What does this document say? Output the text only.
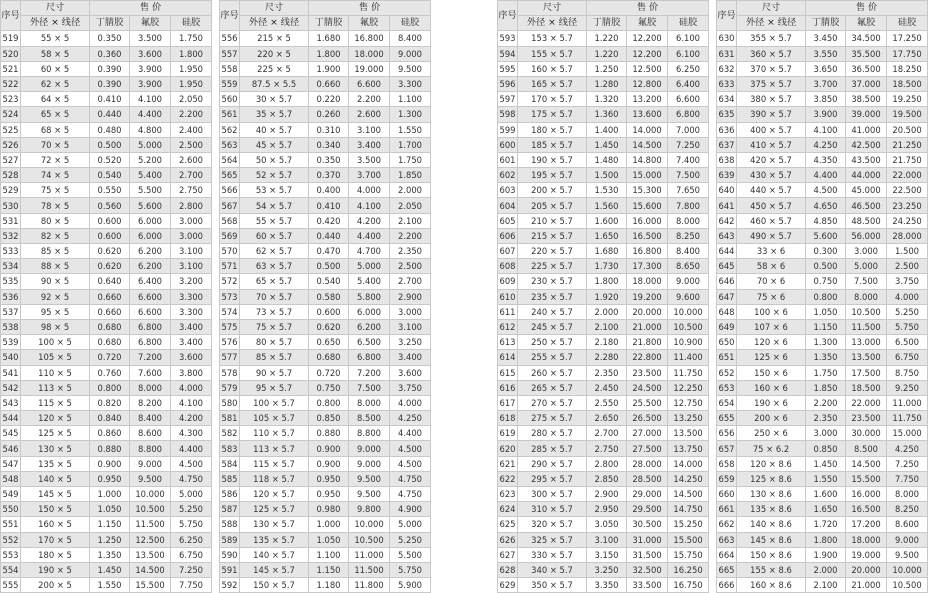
序号	尺寸	售 价		
	外径 × 线径	丁腈胶	氟胶	硅胶
519	55 × 5	0.350	3.500	1.750
520	58 × 5	0.360	3.600	1.800
521	60 × 5	0.390	3.900	1.950
522	62 × 5	0.390	3.900	1.950
523	64 × 5	0.410	4.100	2.050
524	65 × 5	0.440	4.400	2.200
525	68 × 5	0.480	4.800	2.400
526	70 × 5	0.500	5.000	2.500
527	72 × 5	0.520	5.200	2.600
528	74 × 5	0.540	5.400	2.700
529	75 × 5	0.550	5.500	2.750
530	78 × 5	0.560	5.600	2.800
531	80 × 5	0.600	6.000	3.000
532	82 × 5	0.600	6.000	3.000
533	85 × 5	0.620	6.200	3.100
534	88 × 5	0.620	6.200	3.100
535	90 × 5	0.640	6.400	3.200
536	92 × 5	0.660	6.600	3.300
537	95 × 5	0.660	6.600	3.300
538	98 × 5	0.680	6.800	3.400
539	100 × 5	0.680	6.800	3.400
540	105 × 5	0.720	7.200	3.600
541	110 × 5	0.760	7.600	3.800
542	113 × 5	0.800	8.000	4.000
543	115 × 5	0.820	8.200	4.100
544	120 × 5	0.840	8.400	4.200
545	125 × 5	0.860	8.600	4.300
546	130 × 5	0.880	8.800	4.400
547	135 × 5	0.900	9.000	4.500
548	140 × 5	0.950	9.500	4.750
549	145 × 5	1.000	10.000	5.000
550	150 × 5	1.050	10.500	5.250
551	160 × 5	1.150	11.500	5.750
552	170 × 5	1.250	12.500	6.250
553	180 × 5	1.350	13.500	6.750
554	190 × 5	1.450	14.500	7.250
555	200 × 5	1.550	15.500	7.750
序号	尺寸	售 价		
	外径 × 线径	丁腈胶	氟胶	硅胶
556	215 × 5	1.680	16.800	8.400
557	220 × 5	1.800	18.000	9.000
558	225 × 5	1.900	19.000	9.500
559	87.5 × 5.5	0.660	6.600	3.300
560	30 × 5.7	0.220	2.200	1.100
561	35 × 5.7	0.260	2.600	1.300
562	40 × 5.7	0.310	3.100	1.550
563	45 × 5.7	0.340	3.400	1.700
564	50 × 5.7	0.350	3.500	1.750
565	52 × 5.7	0.370	3.700	1.850
566	53 × 5.7	0.400	4.000	2.000
567	54 × 5.7	0.410	4.100	2.050
568	55 × 5.7	0.420	4.200	2.100
569	60 × 5.7	0.440	4.400	2.200
570	62 × 5.7	0.470	4.700	2.350
571	63 × 5.7	0.500	5.000	2.500
572	65 × 5.7	0.540	5.400	2.700
573	70 × 5.7	0.580	5.800	2.900
574	73 × 5.7	0.600	6.000	3.000
575	75 × 5.7	0.620	6.200	3.100
576	80 × 5.7	0.650	6.500	3.250
577	85 × 5.7	0.680	6.800	3.400
578	90 × 5.7	0.720	7.200	3.600
579	95 × 5.7	0.750	7.500	3.750
580	100 × 5.7	0.800	8.000	4.000
581	105 × 5.7	0.850	8.500	4.250
582	110 × 5.7	0.880	8.800	4.400
583	113 × 5.7	0.900	9.000	4.500
584	115 × 5.7	0.900	9.000	4.500
585	118 × 5.7	0.950	9.500	4.750
586	120 × 5.7	0.950	9.500	4.750
587	125 × 5.7	0.980	9.800	4.900
588	130 × 5.7	1.000	10.000	5.000
589	135 × 5.7	1.050	10.500	5.250
590	140 × 5.7	1.100	11.000	5.500
591	145 × 5.7	1.150	11.500	5.750
592	150 × 5.7	1.180	11.800	5.900
序号	尺寸	售 价		
	外径 × 线径	丁腈胶	氟胶	硅胶
593	153 × 5.7	1.220	12.200	6.100
594	155 × 5.7	1.220	12.200	6.100
595	160 × 5.7	1.250	12.500	6.250
596	165 × 5.7	1.280	12.800	6.400
597	170 × 5.7	1.320	13.200	6.600
598	175 × 5.7	1.360	13.600	6.800
599	180 × 5.7	1.400	14.000	7.000
600	185 × 5.7	1.450	14.500	7.250
601	190 × 5.7	1.480	14.800	7.400
602	195 × 5.7	1.500	15.000	7.500
603	200 × 5.7	1.530	15.300	7.650
604	205 × 5.7	1.560	15.600	7.800
605	210 × 5.7	1.600	16.000	8.000
606	215 × 5.7	1.650	16.500	8.250
607	220 × 5.7	1.680	16.800	8.400
608	225 × 5.7	1.730	17.300	8.650
609	230 × 5.7	1.800	18.000	9.000
610	235 × 5.7	1.920	19.200	9.600
611	240 × 5.7	2.000	20.000	10.000
612	245 × 5.7	2.100	21.000	10.500
613	250 × 5.7	2.180	21.800	10.900
614	255 × 5.7	2.280	22.800	11.400
615	260 × 5.7	2.350	23.500	11.750
616	265 × 5.7	2.450	24.500	12.250
617	270 × 5.7	2.550	25.500	12.750
618	275 × 5.7	2.650	26.500	13.250
619	280 × 5.7	2.700	27.000	13.500
620	285 × 5.7	2.750	27.500	13.750
621	290 × 5.7	2.800	28.000	14.000
622	295 × 5.7	2.850	28.500	14.250
623	300 × 5.7	2.900	29.000	14.500
624	310 × 5.7	2.950	29.500	14.750
625	320 × 5.7	3.050	30.500	15.250
626	325 × 5.7	3.100	31.000	15.500
627	330 × 5.7	3.150	31.500	15.750
628	340 × 5.7	3.250	32.500	16.250
629	350 × 5.7	3.350	33.500	16.750
序号	尺寸	售 价		
	外径 × 线径	丁腈胶	氟胶	硅胶
630	355 × 5.7	3.450	34.500	17.250
631	360 × 5.7	3.550	35.500	17.750
632	370 × 5.7	3.650	36.500	18.250
633	375 × 5.7	3.700	37.000	18.500
634	380 × 5.7	3.850	38.500	19.250
635	390 × 5.7	3.900	39.000	19.500
636	400 × 5.7	4.100	41.000	20.500
637	410 × 5.7	4.250	42.500	21.250
638	420 × 5.7	4.350	43.500	21.750
639	430 × 5.7	4.400	44.000	22.000
640	440 × 5.7	4.500	45.000	22.500
641	450 × 5.7	4.650	46.500	23.250
642	460 × 5.7	4.850	48.500	24.250
643	490 × 5.7	5.600	56.000	28.000
644	33 × 6	0.300	3.000	1.500
645	58 × 6	0.500	5.000	2.500
646	70 × 6	0.750	7.500	3.750
647	75 × 6	0.800	8.000	4.000
648	100 × 6	1.050	10.500	5.250
649	107 × 6	1.150	11.500	5.750
650	120 × 6	1.300	13.000	6.500
651	125 × 6	1.350	13.500	6.750
652	150 × 6	1.750	17.500	8.750
653	160 × 6	1.850	18.500	9.250
654	190 × 6	2.200	22.000	11.000
655	200 × 6	2.350	23.500	11.750
656	250 × 6	3.000	30.000	15.000
657	75 × 6.2	0.850	8.500	4.250
658	120 × 8.6	1.450	14.500	7.250
659	125 × 8.6	1.550	15.500	7.750
660	130 × 8.6	1.600	16.000	8.000
661	135 × 8.6	1.650	16.500	8.250
662	140 × 8.6	1.720	17.200	8.600
663	145 × 8.6	1.800	18.000	9.000
664	150 × 8.6	1.900	19.000	9.500
665	155 × 8.6	2.000	20.000	10.000
666	160 × 8.6	2.100	21.000	10.500
